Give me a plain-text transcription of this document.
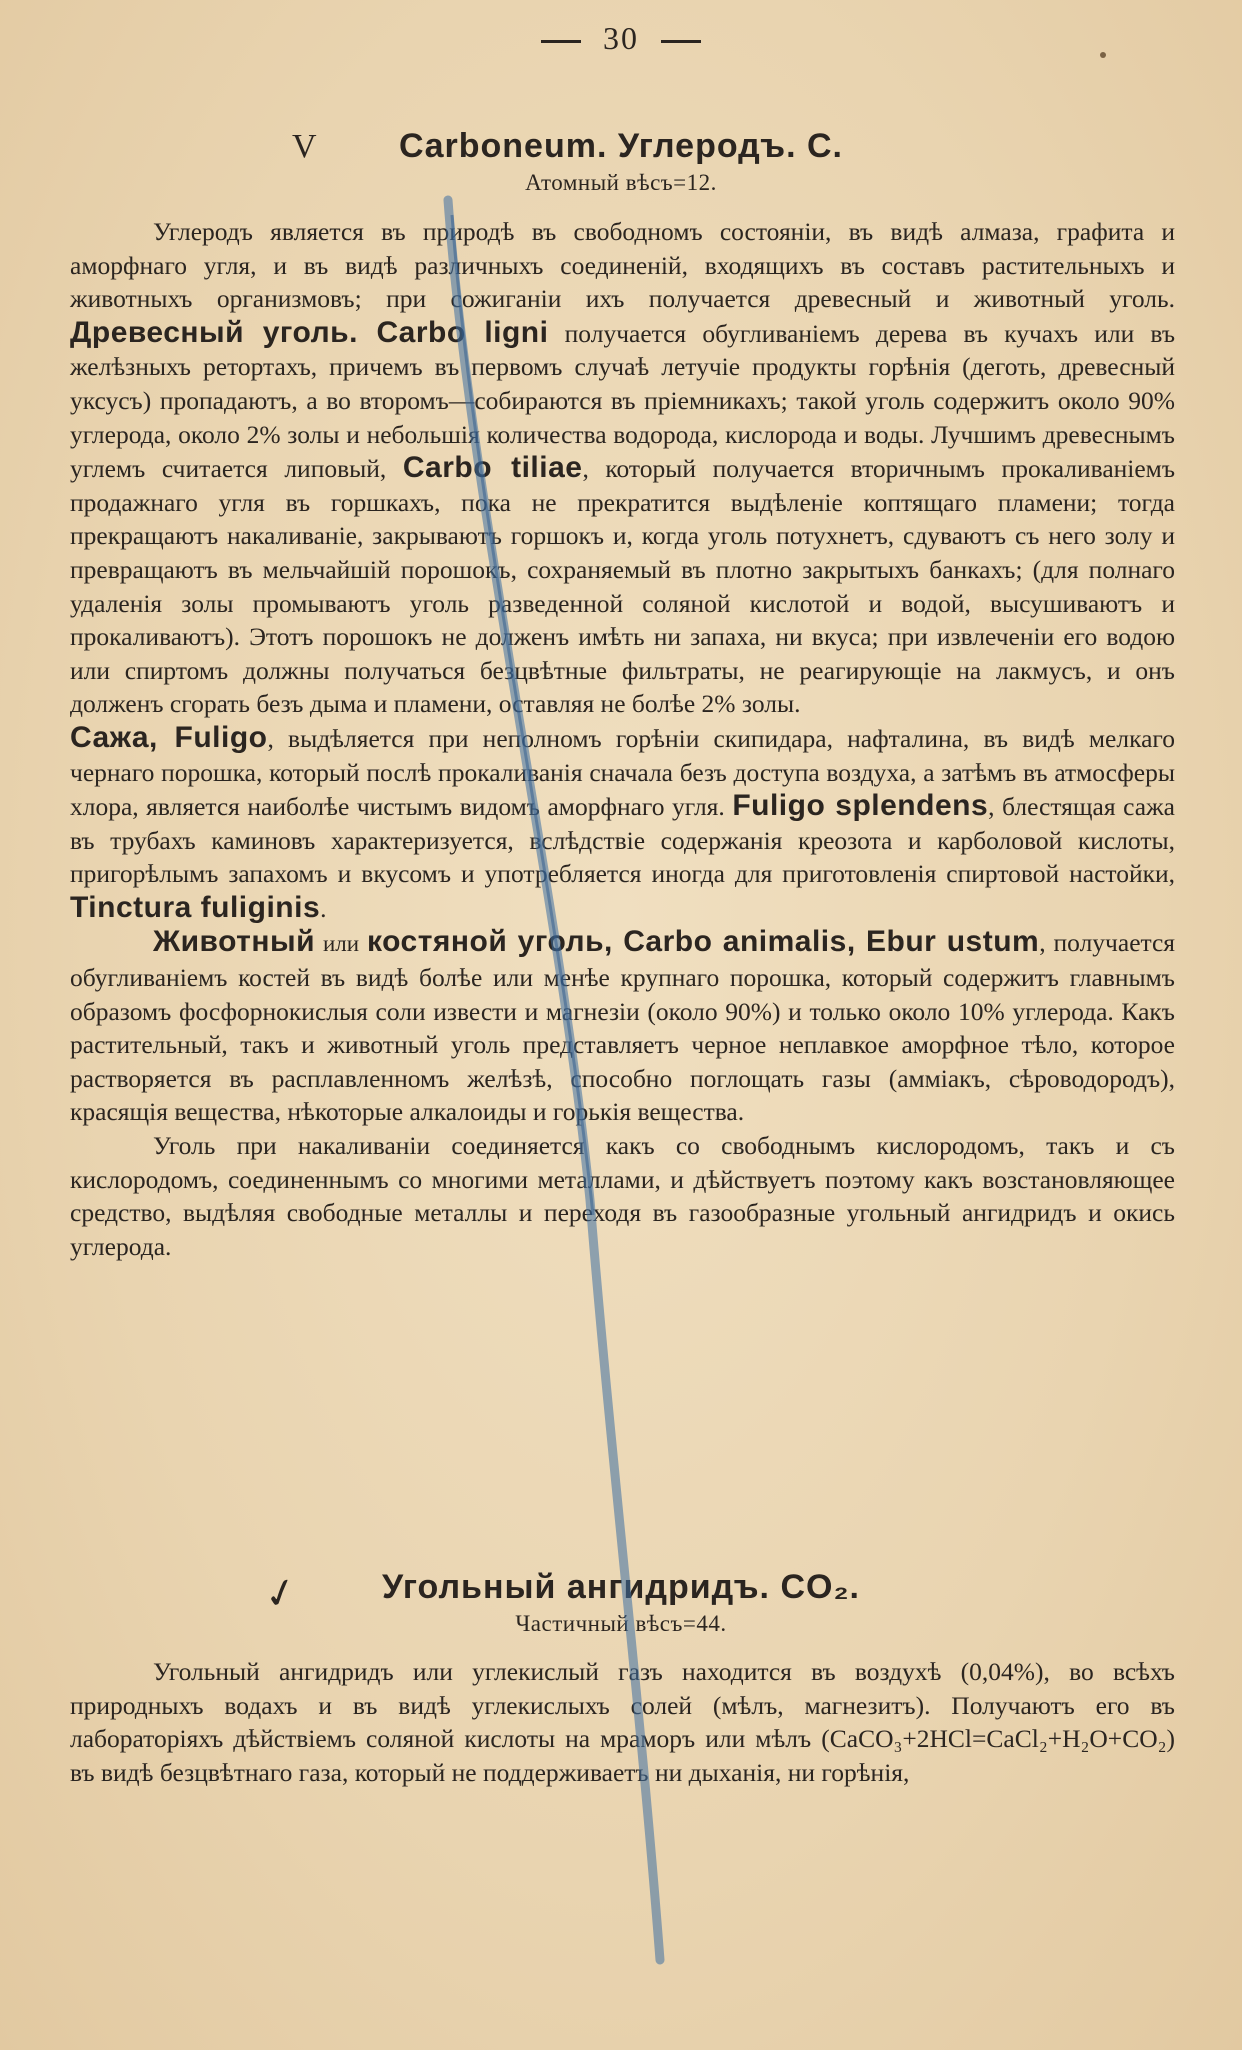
30
V	Carboneum. Углеродъ. C.
Атомный вѣсъ=12.

Углеродъ является въ природѣ въ свободномъ состоянiи, въ видѣ алмаза, графита и аморфнаго угля, и въ видѣ различныхъ соединенiй, входящихъ въ составъ растительныхъ и животныхъ организмовъ; при сожиганiи ихъ получается древесный и животный уголь. Древесный уголь. Carbo ligni получается обугливанiемъ дерева въ кучахъ или въ желѣзныхъ ретортахъ, причемъ въ первомъ случаѣ летучiе продукты горѣнiя (деготь, древесный уксусъ) пропадаютъ, а во второмъ—собираются въ прiемникахъ; такой уголь содержитъ около 90% углерода, около 2% золы и небольшiя количества водорода, кислорода и воды. Лучшимъ древеснымъ углемъ считается липовый, Carbo tiliae, который получается вторичнымъ прокаливанiемъ продажнаго угля въ горшкахъ, пока не прекратится выдѣленiе коптящаго пламени; тогда прекращаютъ накаливанiе, закрываютъ горшокъ и, когда уголь потухнетъ, сдуваютъ съ него золу и превращаютъ въ мельчайшiй порошокъ, сохраняемый въ плотно закрытыхъ банкахъ; (для полнаго удаленiя золы промываютъ уголь разведенной соляной кислотой и водой, высушиваютъ и прокаливаютъ). Этотъ порошокъ не долженъ имѣть ни запаха, ни вкуса; при извлеченiи его водою или спиртомъ должны получаться безцвѣтные фильтраты, не реагирующiе на лакмусъ, и онъ долженъ сгорать безъ дыма и пламени, оставляя не болѣе 2% золы.

Сажа, Fuligo, выдѣляется при неполномъ горѣнiи скипидара, нафталина, въ видѣ мелкаго чернаго порошка, который послѣ прокаливанiя сначала безъ доступа воздуха, а затѣмъ въ атмосферы хлора, является наиболѣе чистымъ видомъ аморфнаго угля. Fuligo splendens, блестящая сажа въ трубахъ каминовъ характеризуется, вслѣдствiе содержанiя креозота и карболовой кислоты, пригорѣлымъ запахомъ и вкусомъ и употребляется иногда для приготовленiя спиртовой настойки, Tinctura fuliginis.

Животный или костяной уголь, Carbo animalis, Ebur ustum, получается обугливанiемъ костей въ видѣ болѣе или менѣе крупнаго порошка, который содержитъ главнымъ образомъ фосфорнокислыя соли извести и магнезiи (около 90%) и только около 10% углерода. Какъ растительный, такъ и животный уголь представляетъ черное неплавкое аморфное тѣло, которое растворяется въ расплавленномъ желѣзѣ, способно поглощать газы (аммiакъ, сѣроводородъ), красящiя вещества, нѣкоторые алкалоиды и горькiя вещества.

Уголь при накаливанiи соединяется какъ со свободнымъ кислородомъ, такъ и съ кислородомъ, соединеннымъ со многими металлами, и дѣйствуетъ поэтому какъ возстановляющее средство, выдѣляя свободные металлы и переходя въ газообразные угольный ангидридъ и окись углерода.

✓	Угольный ангидридъ. CO₂.
Частичный вѣсъ=44.

Угольный ангидридъ или углекислый газъ находится въ воздухѣ (0,04%), во всѣхъ природныхъ водахъ и въ видѣ углекислыхъ солей (мѣлъ, магнезитъ). Получаютъ его въ лабораторiяхъ дѣйствiемъ соляной кислоты на мраморъ или мѣлъ (CaCO₃+2HCl=CaCl₂+H₂O+CO₂) въ видѣ безцвѣтнаго газа, который не поддерживаетъ ни дыханiя, ни горѣнiя,
